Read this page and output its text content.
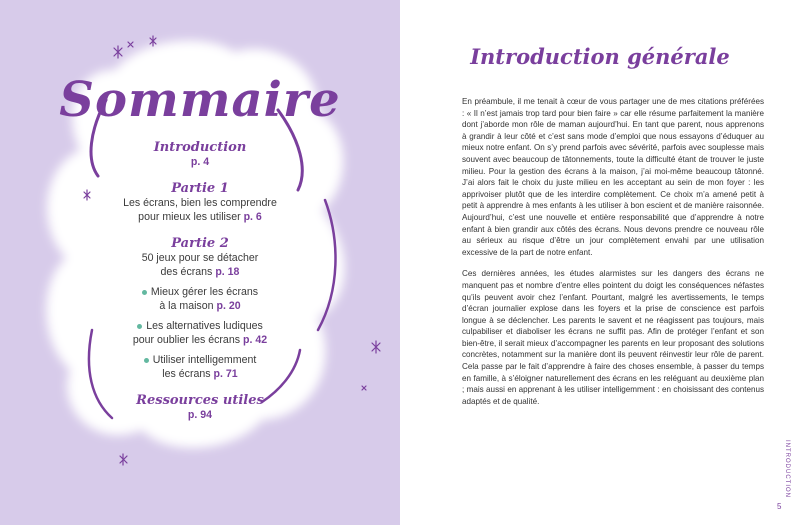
Sommaire
Introduction
p. 4
Partie 1
Les écrans, bien les comprendre
pour mieux les utiliser p. 6
Partie 2
50 jeux pour se détacher
des écrans p. 18
Mieux gérer les écrans
à la maison p. 20
Les alternatives ludiques
pour oublier les écrans p. 42
Utiliser intelligemment
les écrans p. 71
Ressources utiles
p. 94
Introduction générale

En préambule, il me tenait à cœur de vous partager une de mes citations préférées : « Il n’est jamais trop tard pour bien faire » car elle résume parfaitement la manière dont j’aborde mon rôle de maman aujourd’hui. En tant que parent, nous apprenons à grandir à leur côté et c’est sans mode d’emploi que nous essayons d’éduquer au mieux notre enfant. On s’y prend parfois avec sévérité, parfois avec souplesse mais souvent avec beaucoup de tâtonnements, toute la difficulté étant de trouver le juste milieu. Pour la gestion des écrans à la maison, j’ai moi-même beaucoup tâtonné. J’ai alors fait le choix du juste milieu en les acceptant au sein de mon foyer : les apprivoiser plutôt que de les interdire complètement. Ce choix m’a amené petit à petit à apprendre à mes enfants à les utiliser à bon escient et de manière raisonnée. Aujourd’hui, c’est une nouvelle et entière responsabilité que d’apprendre à notre enfant à bien grandir aux côtés des écrans. Nous devons prendre ce nouveau rôle au sérieux au risque d’être un jour complètement envahi par une utilisation excessive de la part de notre enfant.

Ces dernières années, les études alarmistes sur les dangers des écrans ne manquent pas et nombre d’entre elles pointent du doigt les conséquences néfastes qu’ils peuvent avoir chez l’enfant. Pourtant, malgré les avertissements, le temps d’écran journalier explose dans les foyers et la prise de conscience est parfois longue à se déclencher. Les parents le savent et ne réagissent pas toujours, mais culpabiliser et diaboliser les écrans ne suffit pas. Afin de protéger l’enfant et son bien-être, il serait mieux d’accompagner les parents en leur proposant des solutions concrètes, notamment sur la manière dont ils peuvent réinvestir leur rôle de parent. Cela passe par le fait d’apprendre à faire des choses ensemble, à passer du temps en famille, à s’éloigner naturellement des écrans en les reléguant au deuxième plan ; mais aussi en apprenant à les utiliser intelligemment : en choisissant des contenus adaptés et de qualité.

INTRODUCTION
5
